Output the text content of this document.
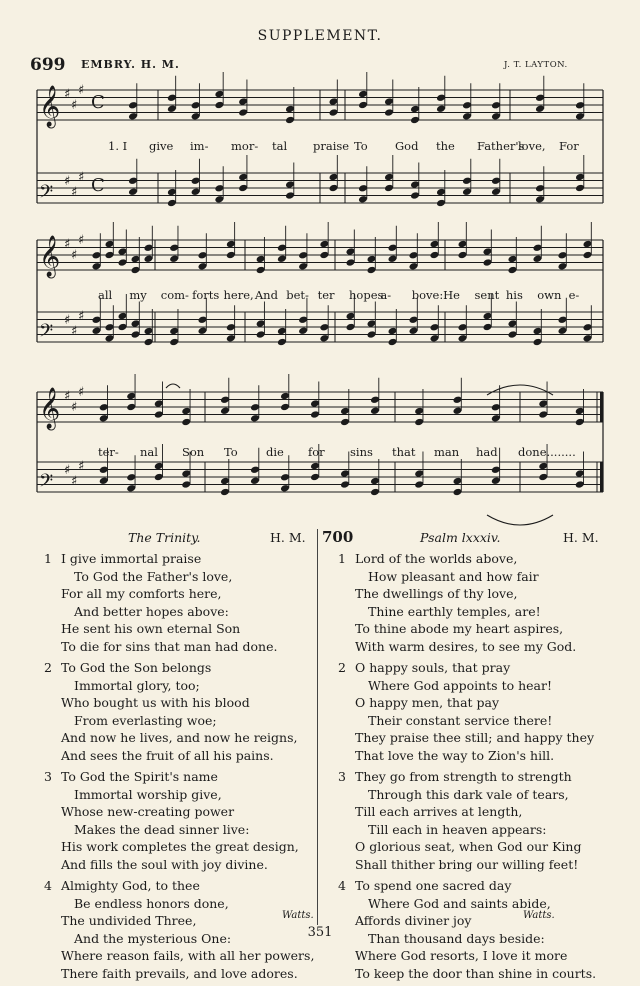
SUPPLEMENT.
699 EMBRY. H. M.	J. T. LAYTON.
𝄞 ♯
♯
♯
𝄢
♯
♯
♯
𝄞 ♯
♯
♯
𝄢
♯
♯
♯
𝄞 ♯
♯
♯
𝄢
♯
♯
♯
C
C
1. I give im- mor- tal praise To God the Father's
love, For
all my com- forts here, And bet- ter hopes
a- bove: He sent his own e-
ter- nal Son To die for sins that man had done........
The Trinity.	H. M. 700	Psalm lxxxiv.	H. M.
1 I give immortal praise
To God the Father's love,
For all my comforts here,
And better hopes above:
He sent his own eternal Son
To die for sins that man had done.
2 To God the Son belongs
Immortal glory, too;
Who bought us with his blood
From everlasting woe;
And now he lives, and now he reigns,
And sees the fruit of all his pains.
3 To God the Spirit's name
Immortal worship give,
Whose new-creating power
Makes the dead sinner live:
His work completes the great design,
And fills the soul with joy divine.
4 Almighty God, to thee
Be endless honors done,
The undivided Three,
And the mysterious One:
Where reason fails, with all her powers,
There faith prevails, and love adores.
1 Lord of the worlds above,
How pleasant and how fair
The dwellings of thy love,
Thine earthly temples, are!
To thine abode my heart aspires,
With warm desires, to see my God.
2 O happy souls, that pray
Where God appoints to hear!
O happy men, that pay
Their constant service there!
They praise thee still; and happy they
That love the way to Zion's hill.
3 They go from strength to strength
Through this dark vale of tears,
Till each arrives at length,
Till each in heaven appears:
O glorious seat, when God our King
Shall thither bring our willing feet!
4 To spend one sacred day
Where God and saints abide,
Affords diviner joy
Than thousand days beside:
Where God resorts, I love it more
To keep the door than shine in courts.
Watts.	Watts.
351
